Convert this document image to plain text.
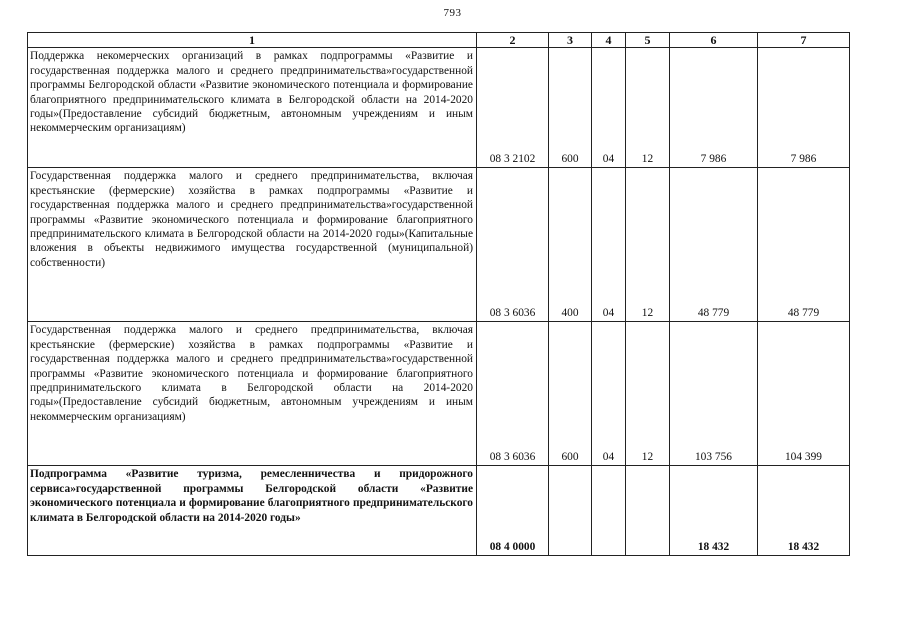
793
1	2	3	4	5	6	7
Поддержка некомерческих организаций в рамках подпрограммы «Развитие и государственная поддержка малого и среднего предпринимательства»государственной программы Белгородской области «Развитие экономического потенциала и формирование благоприятного предпринимательского климата в Белгородской области на 2014-2020 годы»(Предоставление субсидий бюджетным, автономным учреждениям и иным некоммерческим организациям)	08 3 2102	600	04	12	7 986	7 986
Государственная поддержка малого и среднего предпринимательства, включая крестьянские (фермерские) хозяйства в рамках подпрограммы «Развитие и государственная поддержка малого и среднего предпринимательства»государственной программы «Развитие экономического потенциала и формирование благоприятного предпринимательского климата в Белгородской области на 2014-2020 годы»(Капитальные вложения в объекты недвижимого имущества государственной (муниципальной) собственности)	08 3 6036	400	04	12	48 779	48 779
Государственная поддержка малого и среднего предпринимательства, включая крестьянские (фермерские) хозяйства в рамках подпрограммы «Развитие и государственная поддержка малого и среднего предпринимательства»государственной программы «Развитие экономического потенциала и формирование благоприятного предпринимательского климата в Белгородской области на 2014-2020 годы»(Предоставление субсидий бюджетным, автономным учреждениям и иным некоммерческим организациям)	08 3 6036	600	04	12	103 756	104 399
Подпрограмма «Развитие туризма, ремесленничества и придорожного сервиса»государственной программы Белгородской области «Развитие экономического потенциала и формирование благоприятного предпринимательского климата в Белгородской области на 2014-2020 годы»	08 4 0000				18 432	18 432
